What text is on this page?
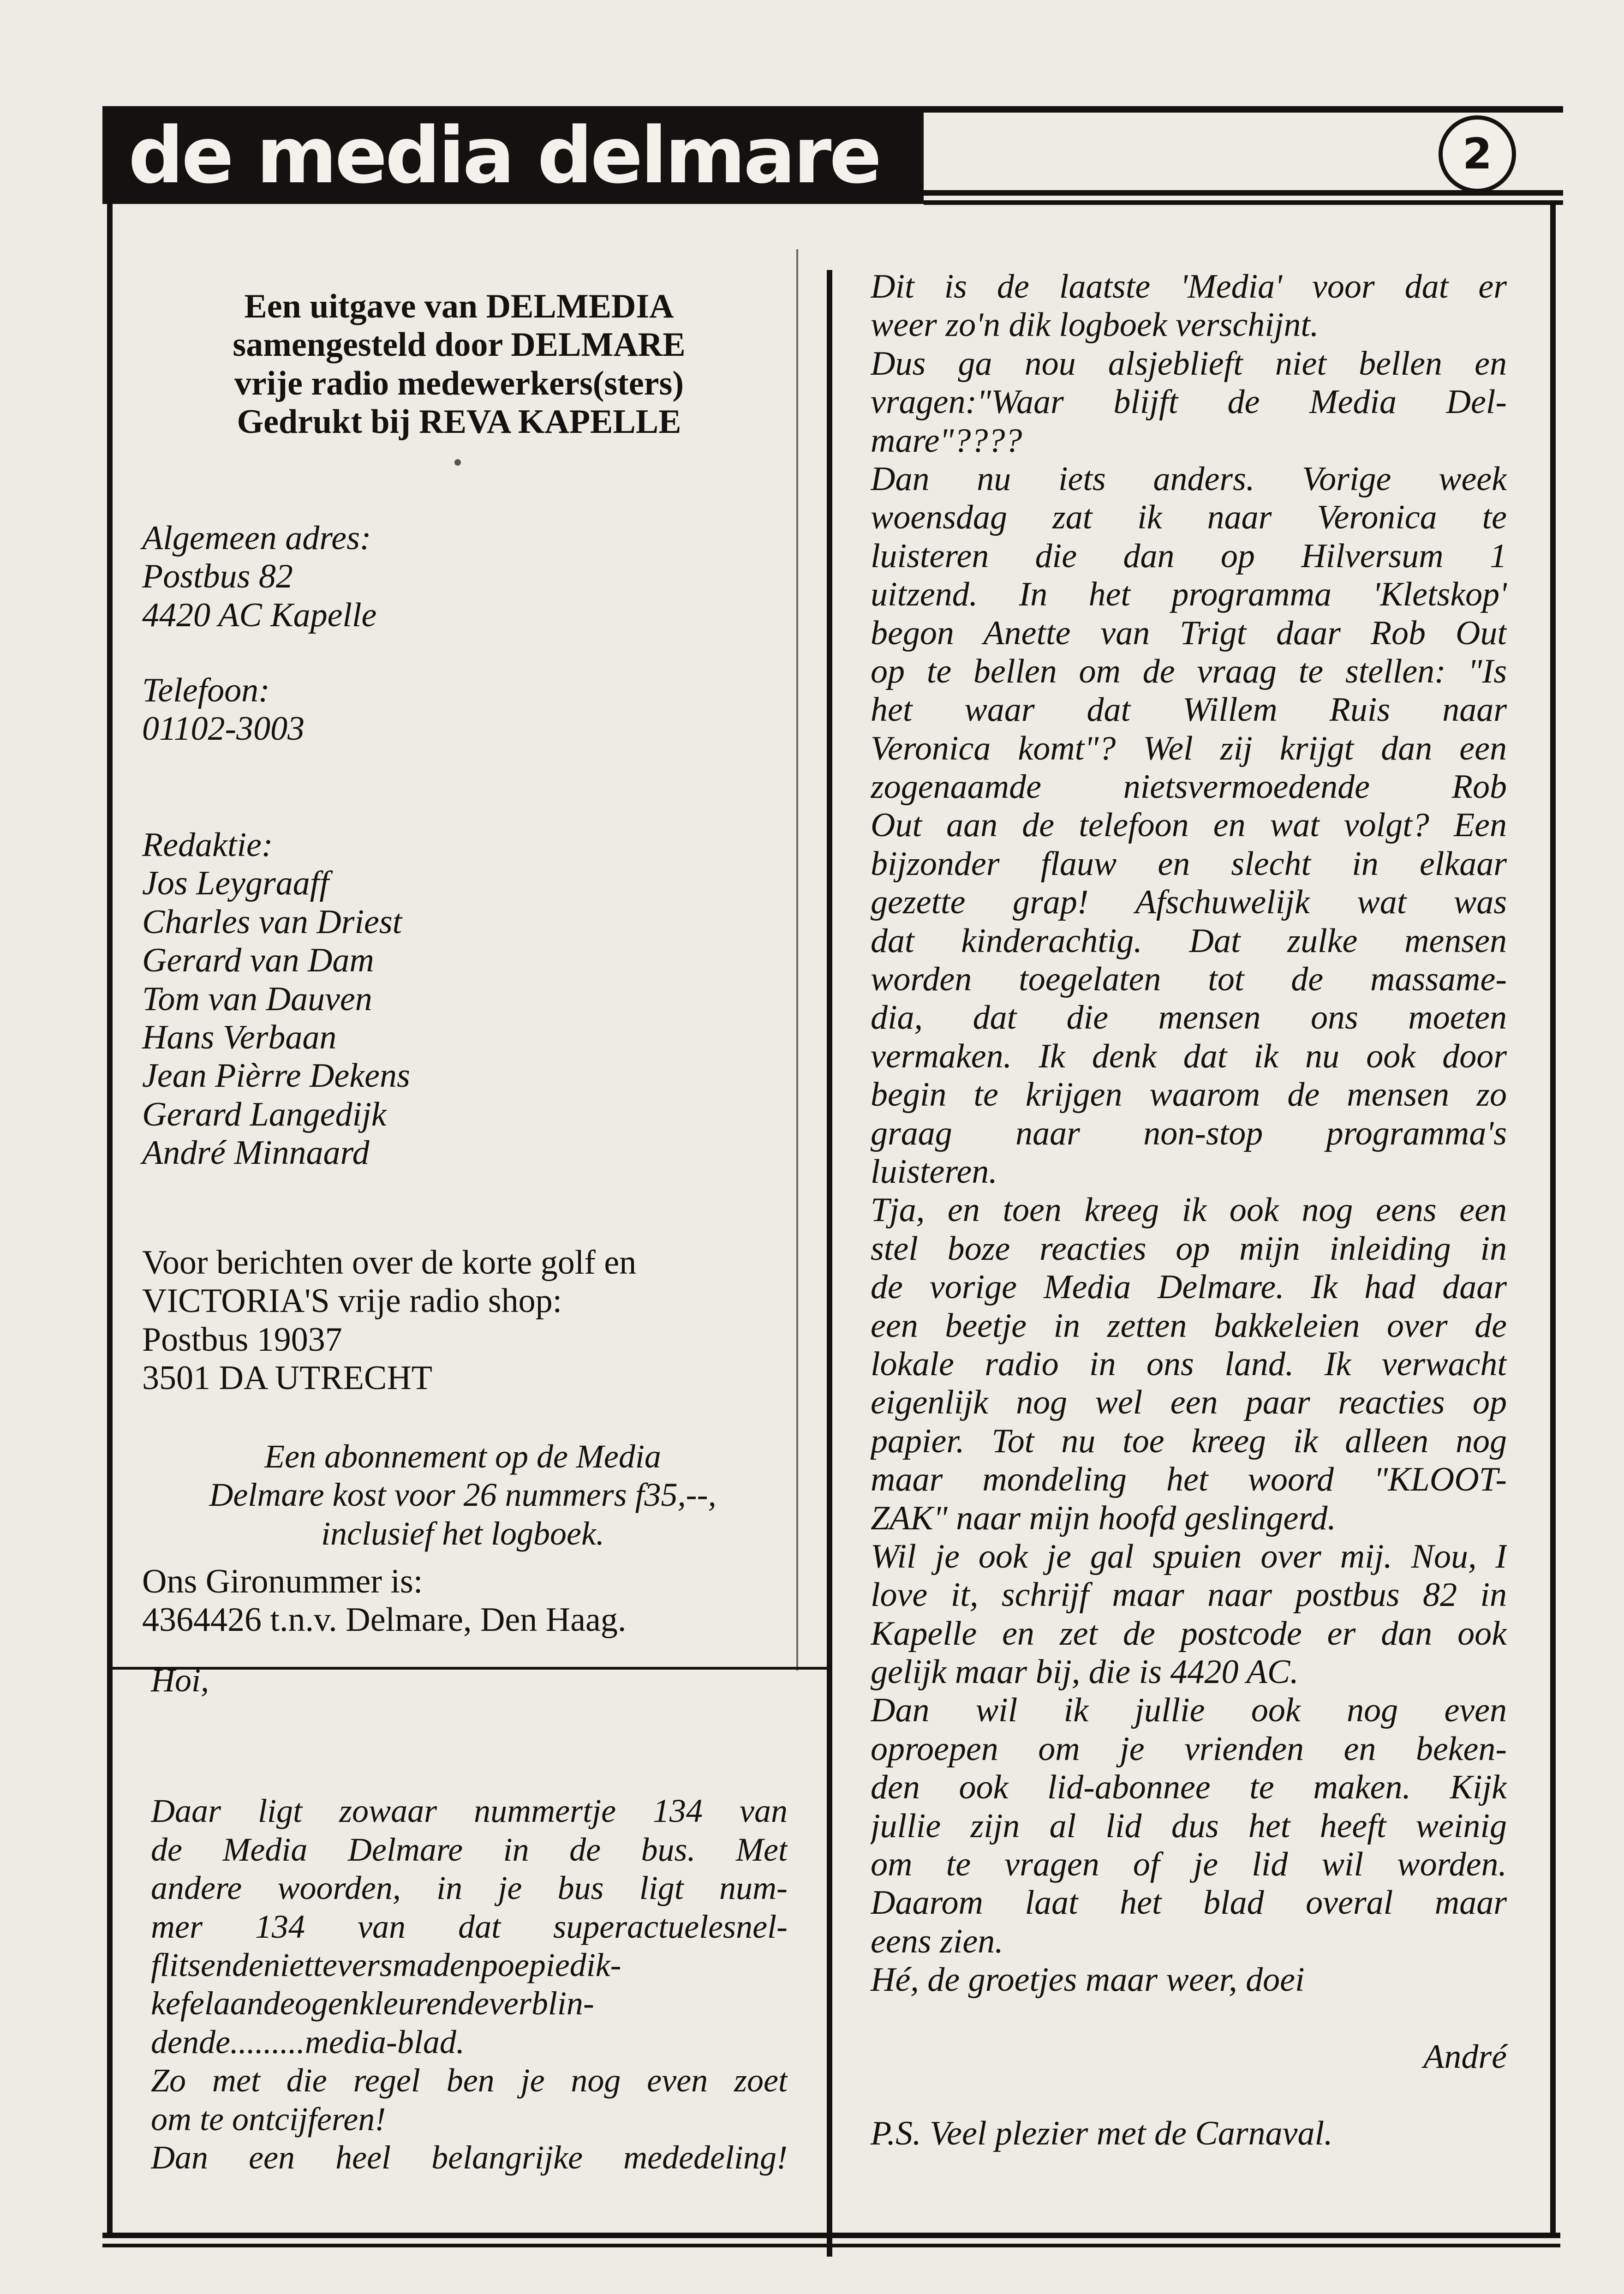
de media delmare	2
Een uitgave van DELMEDIA
samengesteld door DELMARE
vrije radio medewerkers(sters)
Gedrukt bij REVA KAPELLE
Algemeen adres:
Postbus 82
4420 AC Kapelle
Telefoon:
01102-3003
Redaktie:
Jos Leygraaff
Charles van Driest
Gerard van Dam
Tom van Dauven
Hans Verbaan
Jean Pièrre Dekens
Gerard Langedijk
André Minnaard
Voor berichten over de korte golf en
VICTORIA'S vrije radio shop:
Postbus 19037
3501 DA UTRECHT
Een abonnement op de Media
Delmare kost voor 26 nummers f35,--,
inclusief het logboek.
Ons Gironummer is:
4364426 t.n.v. Delmare, Den Haag.
Hoi,
Daar ligt zowaar nummertje 134 van
de Media Delmare in de bus. Met
andere woorden, in je bus ligt num-
mer 134 van dat superactuelesnel-
flitsendenietteversmadenpoepiedik-
kefelaandeogenkleurendeverblin-
dende.........media-blad.
Zo met die regel ben je nog even zoet
om te ontcijferen!
Dan een heel belangrijke mededeling!
Dit is de laatste 'Media' voor dat er
weer zo'n dik logboek verschijnt.
Dus ga nou alsjeblieft niet bellen en
vragen:"Waar blijft de Media Del-
mare"????
Dan nu iets anders. Vorige week
woensdag zat ik naar Veronica te
luisteren die dan op Hilversum 1
uitzend. In het programma 'Kletskop'
begon Anette van Trigt daar Rob Out
op te bellen om de vraag te stellen: "Is
het waar dat Willem Ruis naar
Veronica komt"? Wel zij krijgt dan een
zogenaamde nietsvermoedende Rob
Out aan de telefoon en wat volgt? Een
bijzonder flauw en slecht in elkaar
gezette grap! Afschuwelijk wat was
dat kinderachtig. Dat zulke mensen
worden toegelaten tot de massame-
dia, dat die mensen ons moeten
vermaken. Ik denk dat ik nu ook door
begin te krijgen waarom de mensen zo
graag naar non-stop programma's
luisteren.
Tja, en toen kreeg ik ook nog eens een
stel boze reacties op mijn inleiding in
de vorige Media Delmare. Ik had daar
een beetje in zetten bakkeleien over de
lokale radio in ons land. Ik verwacht
eigenlijk nog wel een paar reacties op
papier. Tot nu toe kreeg ik alleen nog
maar mondeling het woord "KLOOT-
ZAK" naar mijn hoofd geslingerd.
Wil je ook je gal spuien over mij. Nou, I
love it, schrijf maar naar postbus 82 in
Kapelle en zet de postcode er dan ook
gelijk maar bij, die is 4420 AC.
Dan wil ik jullie ook nog even
oproepen om je vrienden en beken-
den ook lid-abonnee te maken. Kijk
jullie zijn al lid dus het heeft weinig
om te vragen of je lid wil worden.
Daarom laat het blad overal maar
eens zien.
Hé, de groetjes maar weer, doei
André
P.S. Veel plezier met de Carnaval.
